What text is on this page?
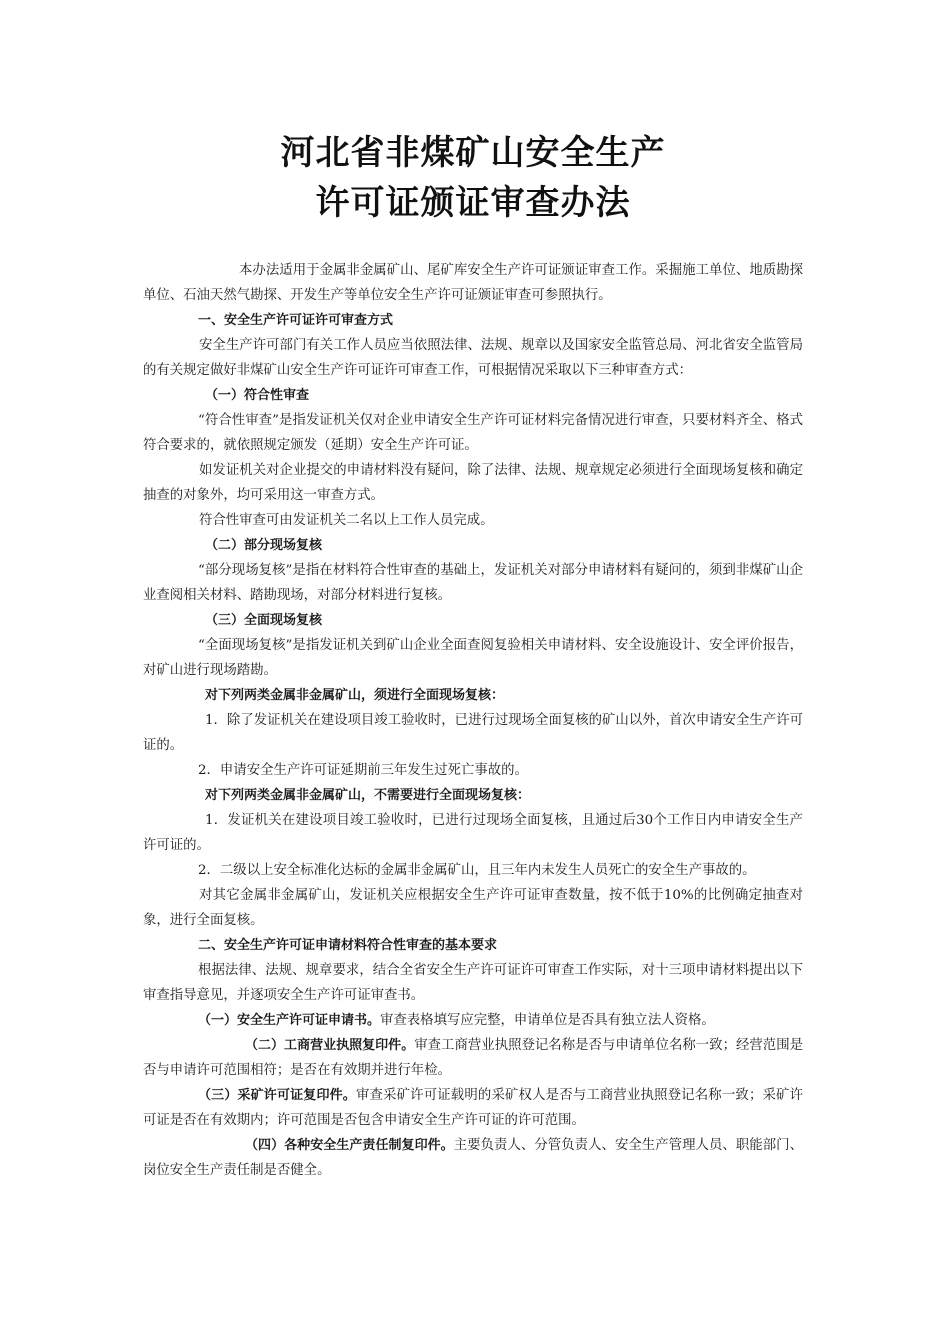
河北省非煤矿山安全生产
许可证颁证审查办法

本办法适用于金属非金属矿山、尾矿库安全生产许可证颁证审查工作。采掘施工单位、地质勘探单位、石油天然气勘探、开发生产等单位安全生产许可证颁证审查可参照执行。

一、安全生产许可证许可审查方式

安全生产许可部门有关工作人员应当依照法律、法规、规章以及国家安全监管总局、河北省安全监管局的有关规定做好非煤矿山安全生产许可证许可审查工作，可根据情况采取以下三种审查方式：

（一）符合性审查

“符合性审查”是指发证机关仅对企业申请安全生产许可证材料完备情况进行审查，只要材料齐全、格式符合要求的，就依照规定颁发（延期）安全生产许可证。

如发证机关对企业提交的申请材料没有疑问，除了法律、法规、规章规定必须进行全面现场复核和确定抽查的对象外，均可采用这一审查方式。

符合性审查可由发证机关二名以上工作人员完成。

（二）部分现场复核

“部分现场复核”是指在材料符合性审查的基础上，发证机关对部分申请材料有疑问的，须到非煤矿山企业查阅相关材料、踏勘现场，对部分材料进行复核。

（三）全面现场复核

“全面现场复核”是指发证机关到矿山企业全面查阅复验相关申请材料、安全设施设计、安全评价报告，对矿山进行现场踏勘。

对下列两类金属非金属矿山，须进行全面现场复核：

1．除了发证机关在建设项目竣工验收时，已进行过现场全面复核的矿山以外，首次申请安全生产许可证的。

2．申请安全生产许可证延期前三年发生过死亡事故的。

对下列两类金属非金属矿山，不需要进行全面现场复核：

1．发证机关在建设项目竣工验收时，已进行过现场全面复核，且通过后30个工作日内申请安全生产许可证的。

2．二级以上安全标准化达标的金属非金属矿山，且三年内未发生人员死亡的安全生产事故的。

对其它金属非金属矿山，发证机关应根据安全生产许可证审查数量，按不低于10%的比例确定抽查对象，进行全面复核。

二、安全生产许可证申请材料符合性审查的基本要求

根据法律、法规、规章要求，结合全省安全生产许可证许可审查工作实际，对十三项申请材料提出以下审查指导意见，并逐项安全生产许可证审查书。

（一）安全生产许可证申请书。审查表格填写应完整，申请单位是否具有独立法人资格。

（二）工商营业执照复印件。审查工商营业执照登记名称是否与申请单位名称一致；经营范围是否与申请许可范围相符；是否在有效期并进行年检。

（三）采矿许可证复印件。审查采矿许可证载明的采矿权人是否与工商营业执照登记名称一致；采矿许可证是否在有效期内；许可范围是否包含申请安全生产许可证的许可范围。

（四）各种安全生产责任制复印件。主要负责人、分管负责人、安全生产管理人员、职能部门、岗位安全生产责任制是否健全。
